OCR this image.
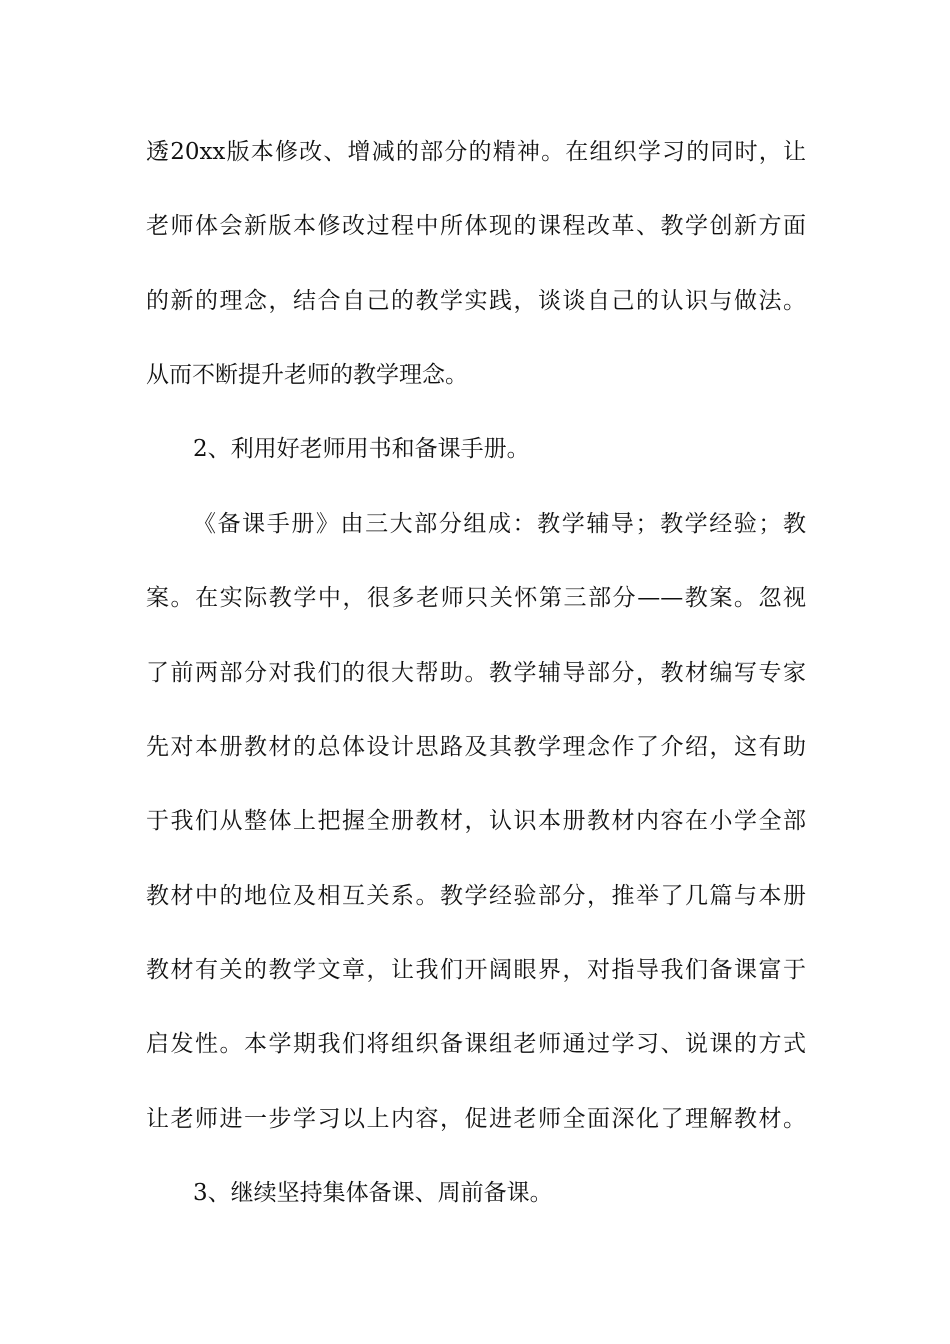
透20xx版本修改、增减的部分的精神。在组织学习的同时，让
老师体会新版本修改过程中所体现的课程改革、教学创新方面
的新的理念，结合自己的教学实践，谈谈自己的认识与做法。
从而不断提升老师的教学理念。
2、利用好老师用书和备课手册。
《备课手册》由三大部分组成：教学辅导；教学经验；教
案。在实际教学中，很多老师只关怀第三部分——教案。忽视
了前两部分对我们的很大帮助。教学辅导部分，教材编写专家
先对本册教材的总体设计思路及其教学理念作了介绍，这有助
于我们从整体上把握全册教材，认识本册教材内容在小学全部
教材中的地位及相互关系。教学经验部分，推举了几篇与本册
教材有关的教学文章，让我们开阔眼界，对指导我们备课富于
启发性。本学期我们将组织备课组老师通过学习、说课的方式
让老师进一步学习以上内容，促进老师全面深化了理解教材。
3、继续坚持集体备课、周前备课。
